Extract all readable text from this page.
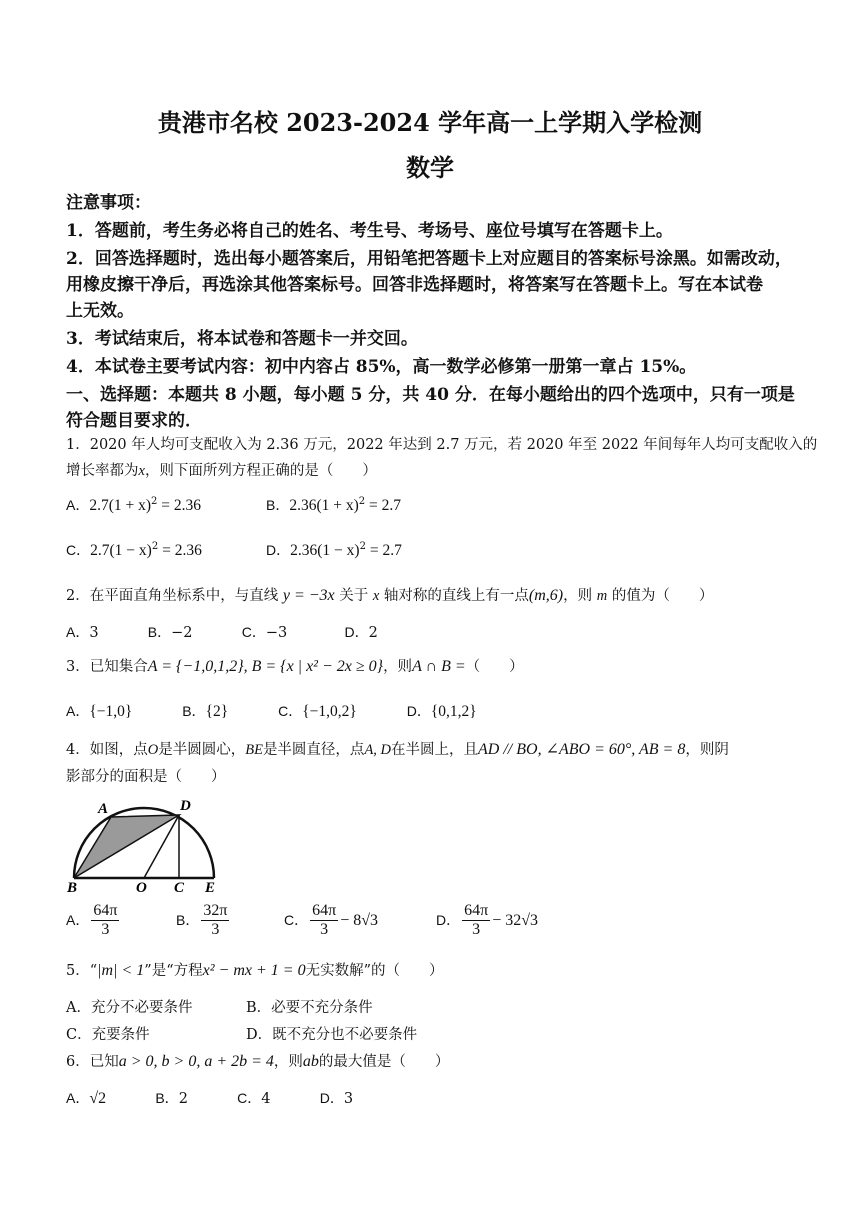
贵港市名校 2023-2024 学年高一上学期入学检测
数学
注意事项：
1．答题前，考生务必将自己的姓名、考生号、考场号、座位号填写在答题卡上。
2．回答选择题时，选出每小题答案后，用铅笔把答题卡上对应题目的答案标号涂黑。如需改动，
用橡皮擦干净后，再选涂其他答案标号。回答非选择题时，将答案写在答题卡上。写在本试卷
上无效。
3．考试结束后，将本试卷和答题卡一并交回。
4．本试卷主要考试内容：初中内容占 85%，高一数学必修第一册第一章占 15%。
一、选择题：本题共 8 小题，每小题 5 分，共 40 分．在每小题给出的四个选项中，只有一项是
符合题目要求的．
1．2020 年人均可支配收入为 2.36 万元，2022 年达到 2.7 万元，若 2020 年至 2022 年间每年人均可支配收入的
增长率都为x，则下面所列方程正确的是（　　）
A．$2.7(1 + x)^2 = 2.36$	B．$2.36(1 + x)^2 = 2.7$
C．$2.7(1 - x)^2 = 2.36$	D．$2.36(1 - x)^2 = 2.7$
2．在平面直角坐标系中，与直线 y = −3x 关于 x 轴对称的直线上有一点(m,6)，则 m 的值为（　　）
A．3	B．−2	C．−3	D．2
3．已知集合A = {−1,0,1,2}, B = {x | x² − 2x ≥ 0}，则A ∩ B =（　　）
A．{−1,0}	B．{2}	C．{−1,0,2}	D．{0,1,2}
4．如图，点O是半圆圆心，BE是半圆直径，点A, D在半圆上，且AD // BO, ∠ABO = 60°, AB = 8，则阴
影部分的面积是（　　）
A	D
B	O C E
A． $\frac{64\pi}{3}$	B． $\frac{32\pi}{3}$	C． $\frac{64\pi}{3} - 8√3$	D． $\frac{64\pi}{3} - 32√3$
5．“|m| < 1”是“方程x² − mx + 1 = 0无实数解”的（　　）
A．充分不必要条件	B．必要不充分条件
C．充要条件	D．既不充分也不必要条件
6．已知a > 0, b > 0, a + 2b = 4，则ab的最大值是（　　）
A．√2	B．2	C．4	D．3
